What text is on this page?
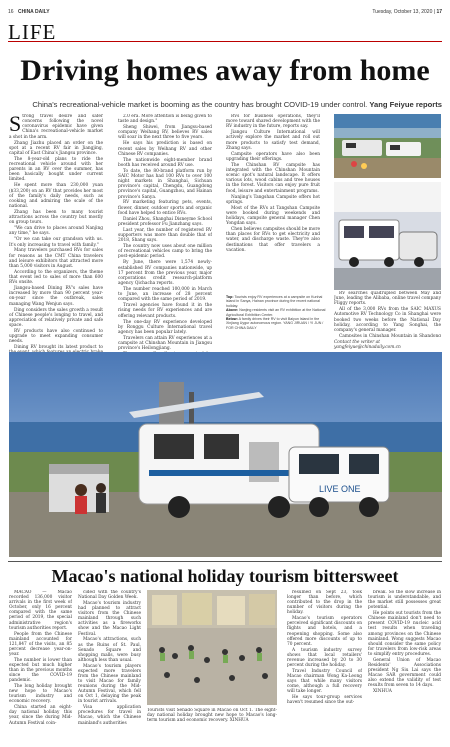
16 CHINA DAILY	Tuesday, October 13, 2020 | 17
LIFE
Driving homes away from home
China's recreational-vehicle market is booming as the country has brought COVID-19 under control. Yang Feiyue reports
S trong travel desire and safer concerns following the novel coronavirus epidemic have given China's recreational-vehicle market a shot in the arm.

Zhang Jiazhu placed an order on the spot at a recent RV fair in Jiangjing, capital of East China's Jiangsu province.

The 8-year-old plans to ride the recreational vehicle around with her parents in an RV over the summer, has been basically bought under current limited.

He spent more than 230,000 yuan ($33,200) on an RV that provides her most of the family's daily needs, such as cooking and admiring the scale of the national.

Zhang has been to many tourist attractions across the country but mostly on group tours.

"We can drive to places around Nanjing any time," he says.

"Or we can take our grandson with us. It's only increasing to travel with family."

Many travelers purchased RVs for sales for reasons as the CMT China travelers and leisure exhibitors that attracted more than 5,000 visitors in August.

According to the organizers, the theme that event led to sales of more than 600 RVs onsite.

Jiangsu-based Dining RV's sales have increased by more than 90 percent year-on-year since the outbreak, sales managing Wang Wenjun says.

Ding considers the sales growth a result of Chinese people's longing to travel, and appreciation of relatively private and safe space.

RV products have also continued to upgrade to meet expanding consumer needs.

Dining RV brought its latest product to

2.0 era. More attention is being given to taste and design."

Sheng Shiwei, from Jiangsu-based company Weihang RV, believes RV sales will soar in the next three to five years.

He says his prediction is based on recent sales by Weihang RV and other Chinese RV companies.

The nationwide eight-member brand booth has received around RV use.

To date, the 80-brand platform run by SAIC Motor has had 100 RVs to over 100 night markets in Shanghai, Sichuan province's capital, Chengdu, Guangdong province's capital, Guangzhou, and Hainan province's Sanya.

RV marketing featuring pets, events, flower, dinner, outdoor sports and organic food have helped to entice RVs.

Daniel Zhou, Shanghai Disneyme School president professor Fu Jianzhang says.

Last year, the number of registered RV supporters was more than double that of 2018, Shang says.

The country now uses about one million of recreational vehicles camp to bring the post-epidemic period.

By June, there were 1,574 newly-established RV companies nationwide, up 17 percent from the previous year, major corporations credit research-platform agency Qichacha reports.

The number reached 100,000 in March to June, an increase of 28 percent compared with the same period of 2019.

Travel agencies have found it in the rising needs for RV experiences and are offering relevant products.

The one-day RV experience developed by Ronggu Culture International travel agency has been popular lately.

Travelers can attain RV experiences at a campsite at Chinshan Mountain in Jiangsu province's Heilongjiang.

RVs for business operations, they'll move toward shared development with the RV industry in the future, reports say.

Jiangsu Culture International will actively explore the market and roll out more products to satisfy test demand, Zhang says.

Campsite operators have also been upgrading their offerings.

The Chinshan RV campsite has integrated with the Chinshan Mountain scenic spot's natural landscape. It offers various lots, wood cabins and tree houses in the forest. Visitors can enjoy pure fruit food, leisure and entertainment programs.

Nanjing's Tangshan Campsite offers hot springs.

Most of the RVs at Tangshan Campsite were booked during weekends and holidays, campsite general manager Chen Yongdan says.

Chen believes campsites should be more than places for RVs to get electricity and water, and discharge waste. They're also destinations that offer travelers a vacation.

Top: Tourists enjoy RV experiences at a campsite on Kunhai island in Sanya, Hainan province during the recent national holiday.

Above: Nanjing residents visit an RV exhibition at the National Agricultural Exhibition Center.

Below: A family drives their RV to visit Baiyun Island in the Xinjiang Uygur autonomous region. YANG JIRUAN / YI JUN / FOR CHINA DAILY

RV searches quadrupled between May and June, leading the Alibaba, online travel company Fliggy reports.

All of the 3,000 RVs from the SAIC MAXUS Automotive RV Technology Co in Shanghai were booked two weeks before the National Day holiday, according to Yang Songhai, the company's general manager.

Campsites in Chinshan Mountain in Shandong

Contact the writer at
yangfeiyue@chinadaily.com.cn
LIVE ONE
Macao's national holiday tourism bittersweet

MACAO — Macao recorded 136,000 visitor arrivals in the first week of October, only 16 percent compared with the same period of 2019, the special administrative region's tourism authorities report.

People from the Chinese mainland accounted for 121,847 of the visits, an 85 percent decrease year-on-year.

The number is lower than expected but much higher than in the previous months since the COVID-19 pandemic.

The long holiday brought new hope to Macao's tourism industry and economic recovery.

China started an eight-day national holiday this year, since the during Mid-Autumn Festival coin-

cided with the country's National Day Golden Week.

Macao's tourism industry had planned to attract visitors from the Chinese mainland through such activities as a fireworks show and the Macao Light Festival.

Macao's attractions, such as the Ruins of St. Paul, Senado Square and shopping malls, were busy although less than usual.

Macao's tourism players expected more travelers from the Chinese mainland to visit Macao for family reunions during the Mid-Autumn Festival, which fell on Oct 1, delaying the peak in tourist arrivals.

Visa application procedures for travel in Macao, which the Chinese mainland's authorities

Tourists visit Senado Square in Macao on Oct 1. The eight-day national holiday brought new hope to Macao's long-term tourism and economic recovery. XINHUA

resumed on Sept 23, took longer than before, which contributed to the drop in the number of visitors during the holiday.

Macao's tourism operators perceived significant discounts on flights and hotels, and a reopening shopping. Some also offered more discounts of up to 70 percent.

A tourism industry survey shows that local retailers' revenue increased by 20 to 30 percent during the holiday.

Travel Industry Council of Macao chairman Wong Ka-Leong says that while many visitors come, although a full recovery will take longer.

He says tour-group services haven't resumed since the out-

break. So the slow increase in tourism is understandable, and the market still possesses great potential.

He points out tourists from the Chinese mainland don't need to present COVID-19 nucleic acid test results when traveling among provinces on the Chinese mainland. Wong suggests Macao should consider the same policy for travelers from low-risk areas to simplify entry procedures.

General Union of Macao Residents' Associations president Ng Siu Lai says the Macao SAR government could also extend the validity of test results from seven to 14 days.

XINHUA
